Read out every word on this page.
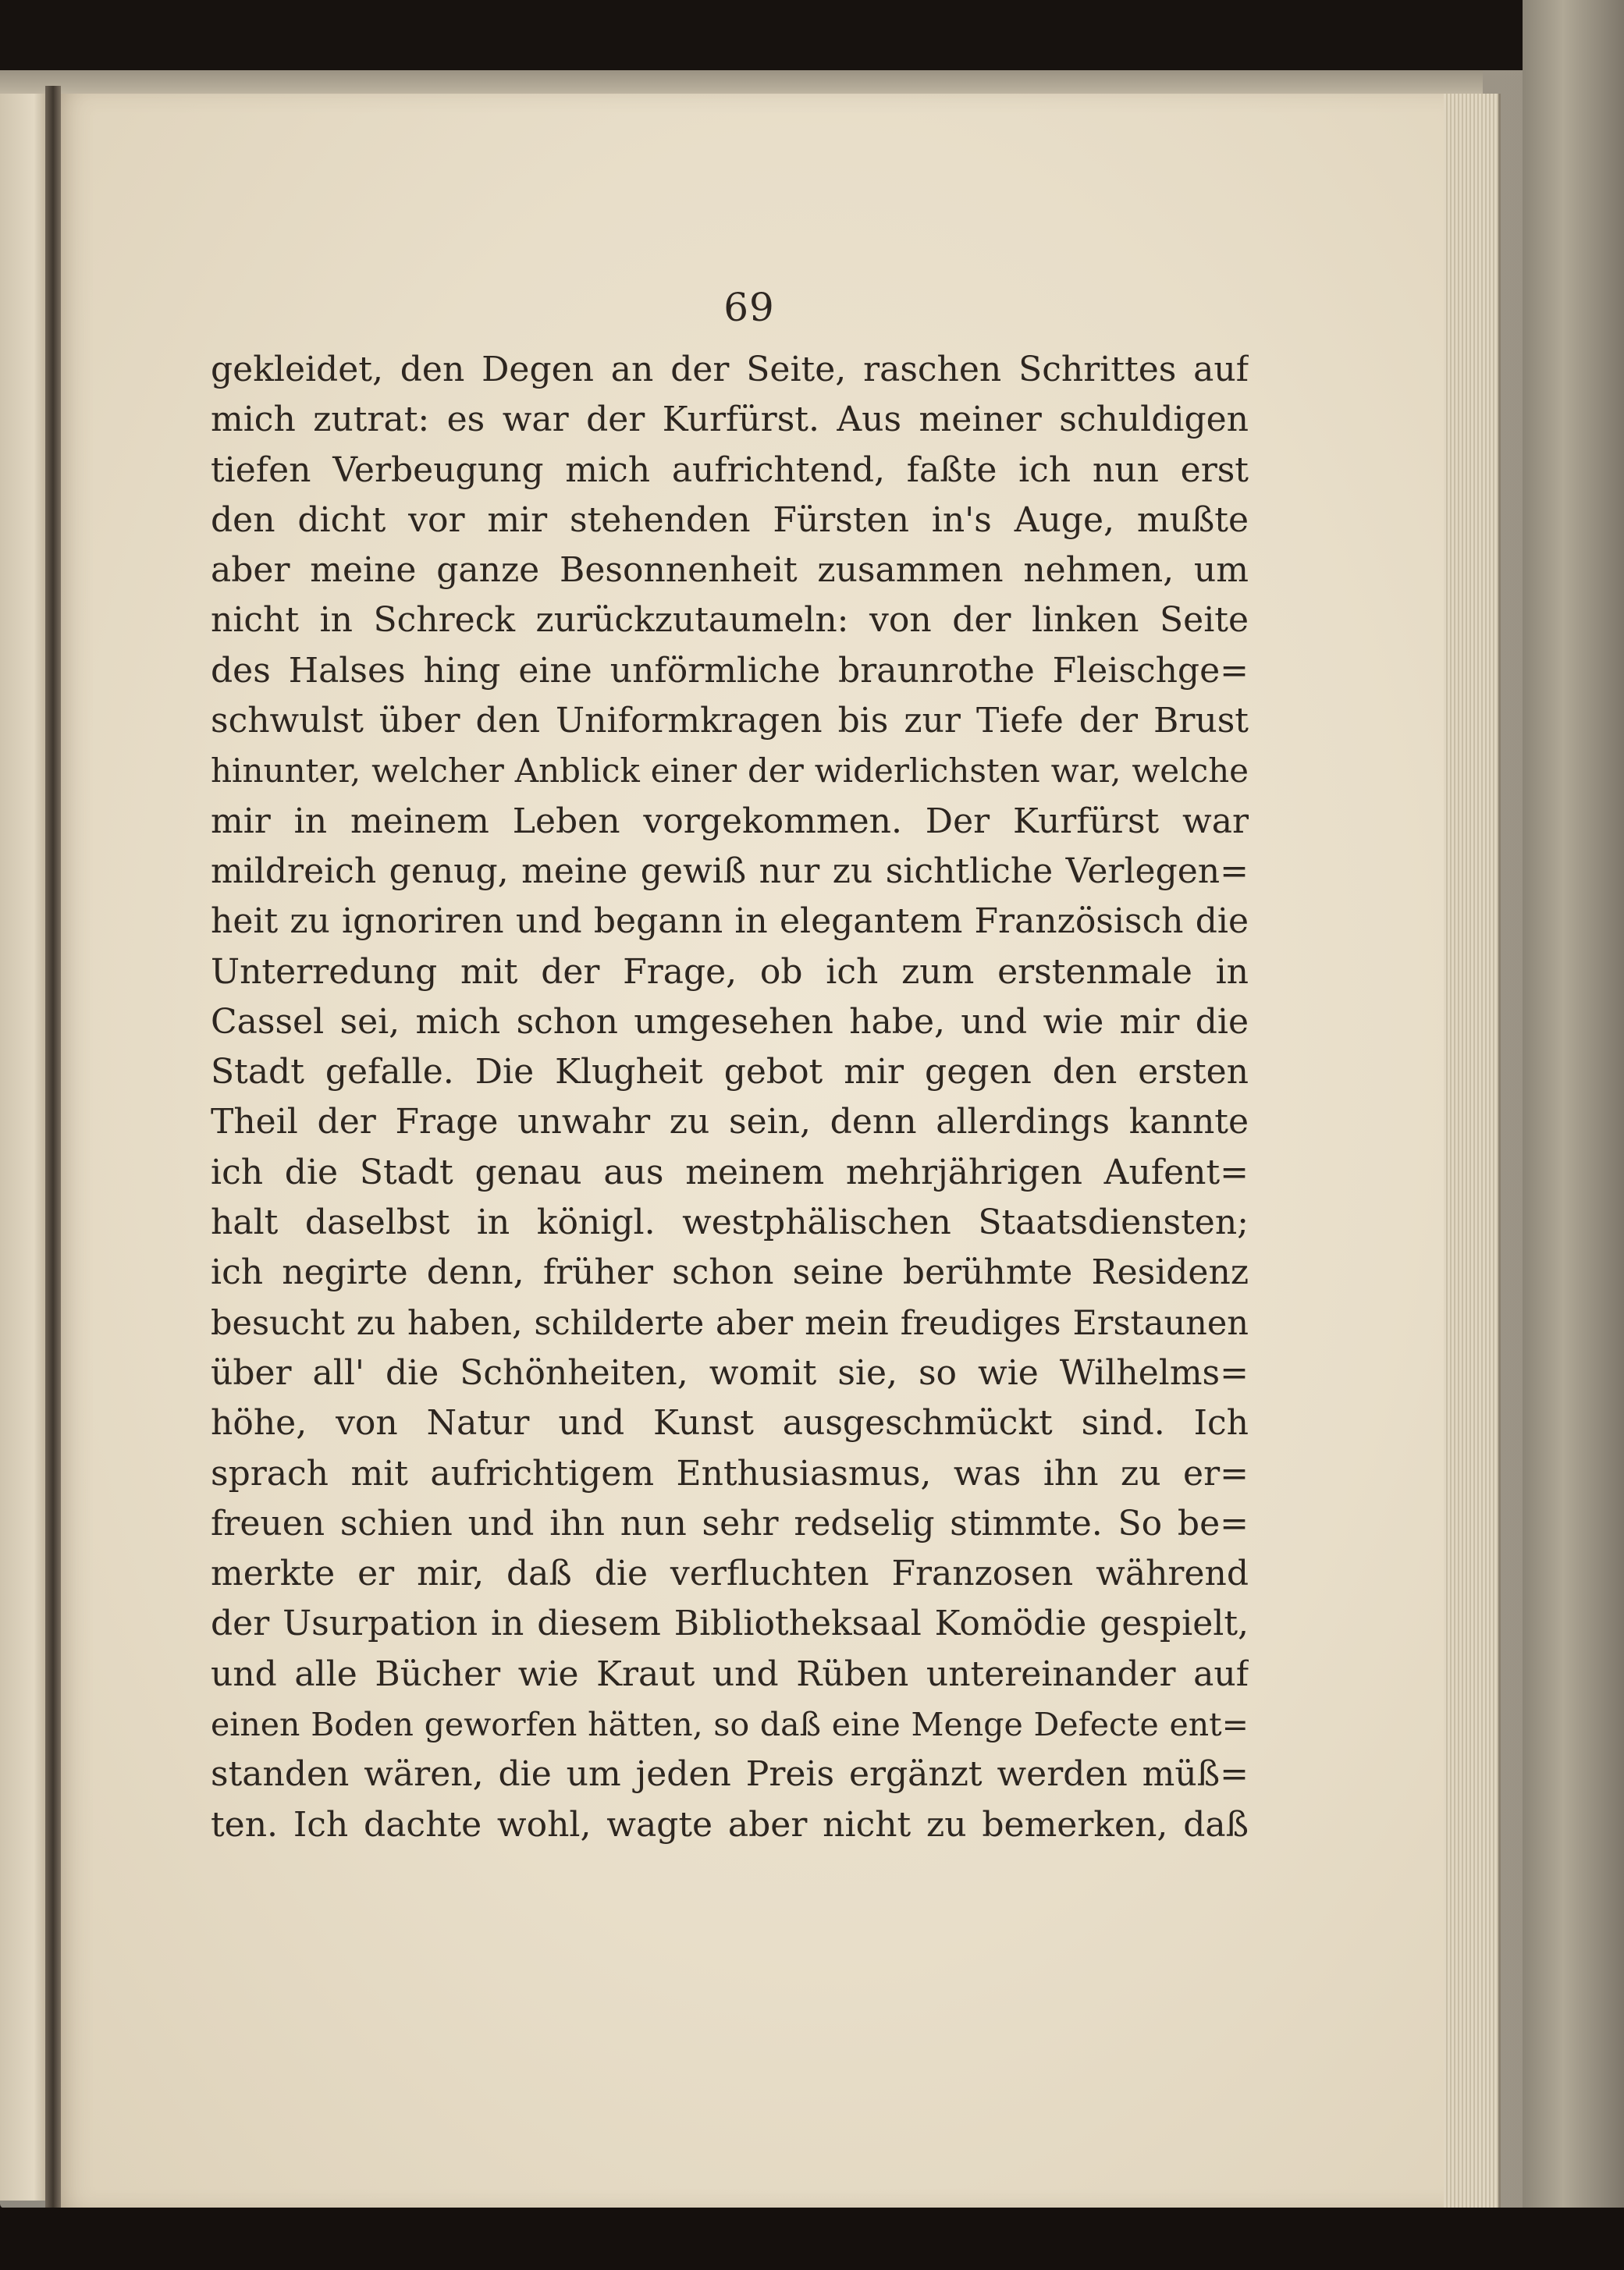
69
gekleidet, den Degen an der Seite, raschen Schrittes auf
mich zutrat: es war der Kurfürst. Aus meiner schuldigen
tiefen Verbeugung mich aufrichtend, faßte ich nun erst
den dicht vor mir stehenden Fürsten in's Auge, mußte
aber meine ganze Besonnenheit zusammen nehmen, um
nicht in Schreck zurückzutaumeln: von der linken Seite
des Halses hing eine unförmliche braunrothe Fleischge=
schwulst über den Uniformkragen bis zur Tiefe der Brust
hinunter, welcher Anblick einer der widerlichsten war, welche
mir in meinem Leben vorgekommen. Der Kurfürst war
mildreich genug, meine gewiß nur zu sichtliche Verlegen=
heit zu ignoriren und begann in elegantem Französisch die
Unterredung mit der Frage, ob ich zum erstenmale in
Cassel sei, mich schon umgesehen habe, und wie mir die
Stadt gefalle. Die Klugheit gebot mir gegen den ersten
Theil der Frage unwahr zu sein, denn allerdings kannte
ich die Stadt genau aus meinem mehrjährigen Aufent=
halt daselbst in königl. westphälischen Staatsdiensten;
ich negirte denn, früher schon seine berühmte Residenz
besucht zu haben, schilderte aber mein freudiges Erstaunen
über all' die Schönheiten, womit sie, so wie Wilhelms=
höhe, von Natur und Kunst ausgeschmückt sind. Ich
sprach mit aufrichtigem Enthusiasmus, was ihn zu er=
freuen schien und ihn nun sehr redselig stimmte. So be=
merkte er mir, daß die verfluchten Franzosen während
der Usurpation in diesem Bibliotheksaal Komödie gespielt,
und alle Bücher wie Kraut und Rüben untereinander auf
einen Boden geworfen hätten, so daß eine Menge Defecte ent=
standen wären, die um jeden Preis ergänzt werden müß=
ten. Ich dachte wohl, wagte aber nicht zu bemerken, daß
